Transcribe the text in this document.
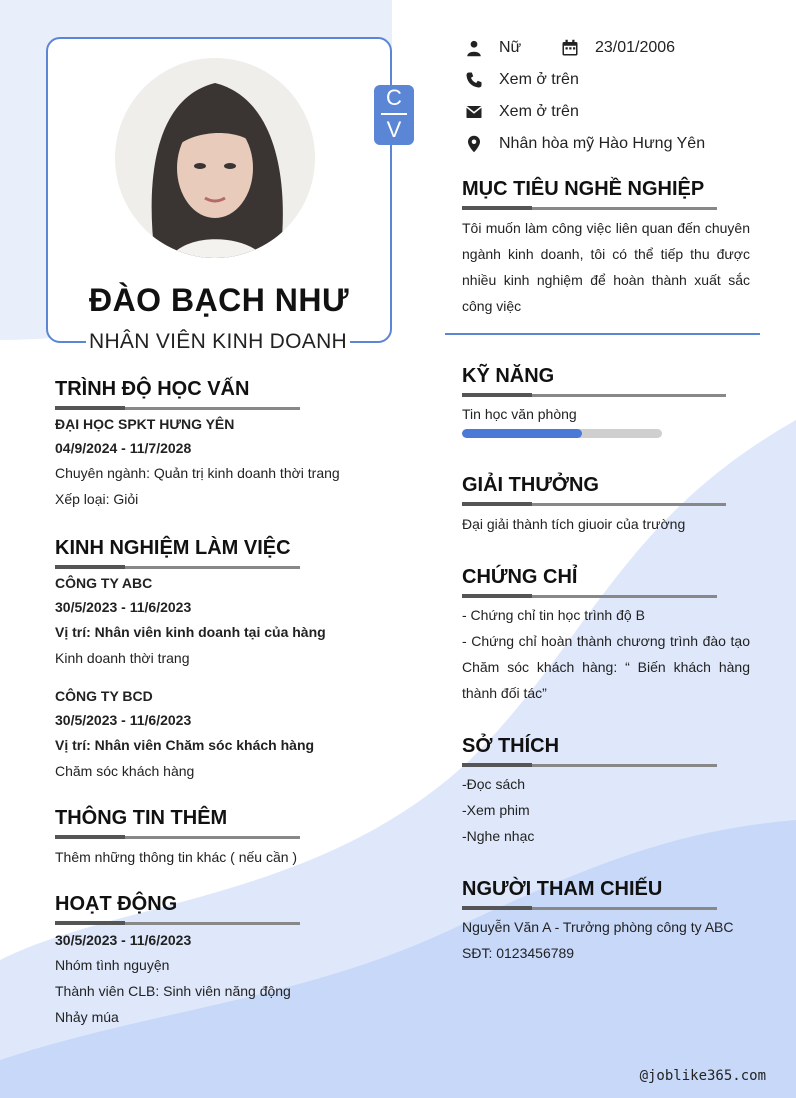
C
V
ĐÀO BẠCH NHƯ
NHÂN VIÊN KINH DOANH
Nữ	23/01/2006
Xem ở trên
Xem ở trên
Nhân hòa mỹ Hào Hưng Yên
MỤC TIÊU NGHỀ NGHIỆP
Tôi muốn làm công việc liên quan đến chuyên ngành kinh doanh, tôi có thể tiếp thu được nhiều kinh nghiệm để hoàn thành xuất sắc công việc
TRÌNH ĐỘ HỌC VẤN
ĐẠI HỌC SPKT HƯNG YÊN
04/9/2024 - 11/7/2028
Chuyên ngành: Quản trị kinh doanh thời trang
Xếp loại: Giỏi
KINH NGHIỆM LÀM VIỆC
CÔNG TY ABC
30/5/2023 - 11/6/2023
Vị trí: Nhân viên kinh doanh tại của hàng
Kinh doanh thời trang
CÔNG TY BCD
30/5/2023 - 11/6/2023
Vị trí: Nhân viên Chăm sóc khách hàng
Chăm sóc khách hàng
THÔNG TIN THÊM
Thêm những thông tin khác ( nếu cần )
HOẠT ĐỘNG
30/5/2023 - 11/6/2023
Nhóm tình nguyện
Thành viên CLB: Sinh viên năng động
Nhảy múa
KỸ NĂNG
Tin học văn phòng
GIẢI THƯỞNG
Đại giải thành tích giuoir của trường
CHỨNG CHỈ
- Chứng chỉ tin học trình độ B
- Chứng chỉ hoàn thành chương trình đào tạo Chăm sóc khách hàng: “ Biến khách hàng thành đối tác”
SỞ THÍCH
-Đọc sách
-Xem phim
-Nghe nhạc
NGƯỜI THAM CHIẾU
Nguyễn Văn A - Trưởng phòng công ty ABC
SĐT: 0123456789
@joblike365.com
